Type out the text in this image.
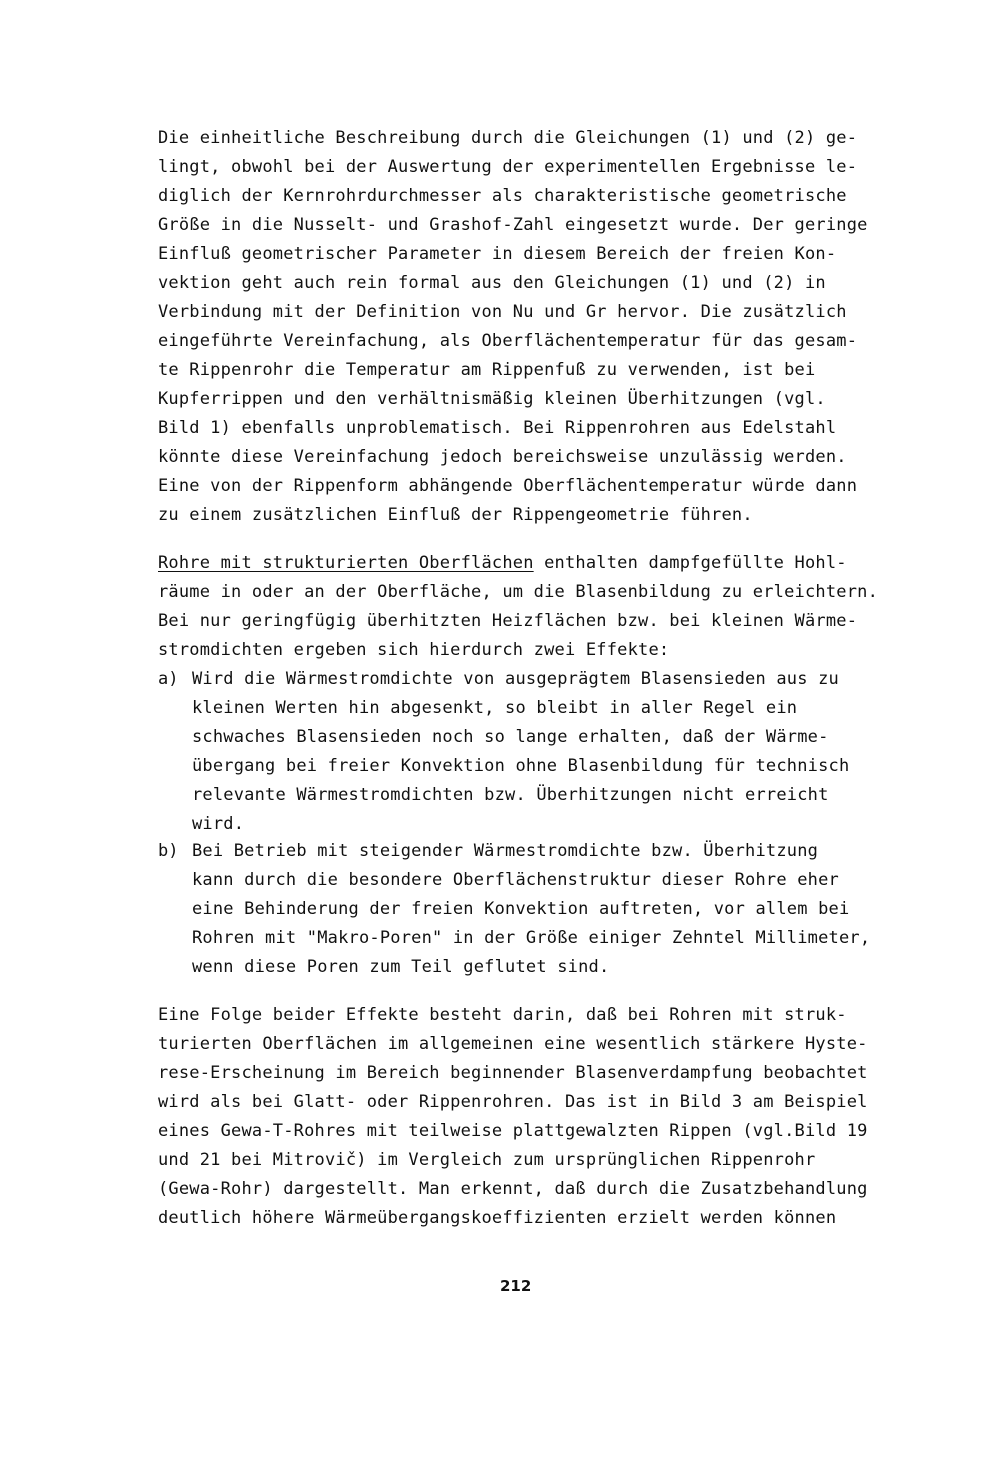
Die einheitliche Beschreibung durch die Gleichungen (1) und (2) ge-
lingt, obwohl bei der Auswertung der experimentellen Ergebnisse le-
diglich der Kernrohrdurchmesser als charakteristische geometrische
Größe in die Nusselt- und Grashof-Zahl eingesetzt wurde. Der geringe
Einfluß geometrischer Parameter in diesem Bereich der freien Kon-
vektion geht auch rein formal aus den Gleichungen (1) und (2) in
Verbindung mit der Definition von Nu und Gr hervor. Die zusätzlich
eingeführte Vereinfachung, als Oberflächentemperatur für das gesam-
te Rippenrohr die Temperatur am Rippenfuß zu verwenden, ist bei
Kupferrippen und den verhältnismäßig kleinen Überhitzungen (vgl.
Bild 1) ebenfalls unproblematisch. Bei Rippenrohren aus Edelstahl
könnte diese Vereinfachung jedoch bereichsweise unzulässig werden.
Eine von der Rippenform abhängende Oberflächentemperatur würde dann
zu einem zusätzlichen Einfluß der Rippengeometrie führen.
Rohre mit strukturierten Oberflächen enthalten dampfgefüllte Hohl-
räume in oder an der Oberfläche, um die Blasenbildung zu erleichtern.
Bei nur geringfügig überhitzten Heizflächen bzw. bei kleinen Wärme-
stromdichten ergeben sich hierdurch zwei Effekte:
a) Wird die Wärmestromdichte von ausgeprägtem Blasensieden aus zu
kleinen Werten hin abgesenkt, so bleibt in aller Regel ein
schwaches Blasensieden noch so lange erhalten, daß der Wärme-
übergang bei freier Konvektion ohne Blasenbildung für technisch
relevante Wärmestromdichten bzw. Überhitzungen nicht erreicht
wird.
b) Bei Betrieb mit steigender Wärmestromdichte bzw. Überhitzung
kann durch die besondere Oberflächenstruktur dieser Rohre eher
eine Behinderung der freien Konvektion auftreten, vor allem bei
Rohren mit "Makro-Poren" in der Größe einiger Zehntel Millimeter,
wenn diese Poren zum Teil geflutet sind.
Eine Folge beider Effekte besteht darin, daß bei Rohren mit struk-
turierten Oberflächen im allgemeinen eine wesentlich stärkere Hyste-
rese-Erscheinung im Bereich beginnender Blasenverdampfung beobachtet
wird als bei Glatt- oder Rippenrohren. Das ist in Bild 3 am Beispiel
eines Gewa-T-Rohres mit teilweise plattgewalzten Rippen (vgl.Bild 19
und 21 bei Mitrovič) im Vergleich zum ursprünglichen Rippenrohr
(Gewa-Rohr) dargestellt. Man erkennt, daß durch die Zusatzbehandlung
deutlich höhere Wärmeübergangskoeffizienten erzielt werden können
212
